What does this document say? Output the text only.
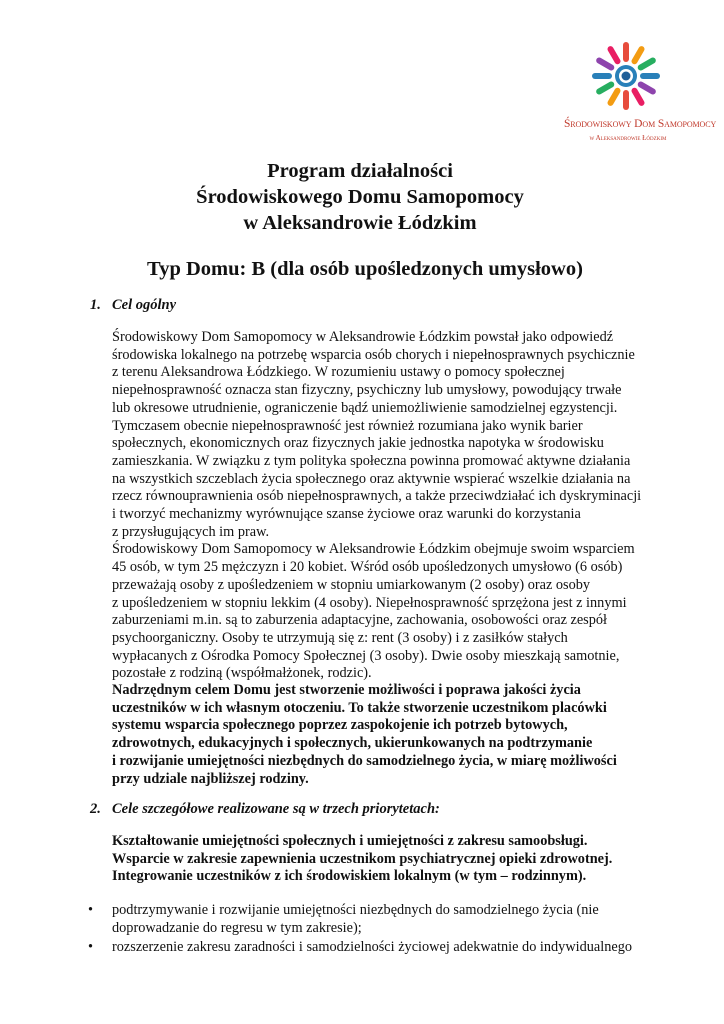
Środowiskowy Dom Samopomocy
w Aleksandrowie Łódzkim
Program działalności
Środowiskowego Domu Samopomocy
w Aleksandrowie Łódzkim
Typ Domu: B (dla osób upośledzonych umysłowo)
1. Cel ogólny
Środowiskowy Dom Samopomocy w Aleksandrowie Łódzkim powstał jako odpowiedź
środowiska lokalnego na potrzebę wsparcia osób chorych i niepełnosprawnych psychicznie
z terenu Aleksandrowa Łódzkiego. W rozumieniu ustawy o pomocy społecznej
niepełnosprawność oznacza stan fizyczny, psychiczny lub umysłowy, powodujący trwałe
lub okresowe utrudnienie, ograniczenie bądź uniemożliwienie samodzielnej egzystencji.
Tymczasem obecnie niepełnosprawność jest również rozumiana jako wynik barier
społecznych, ekonomicznych oraz fizycznych jakie jednostka napotyka w środowisku
zamieszkania. W związku z tym polityka społeczna powinna promować aktywne działania
na wszystkich szczeblach życia społecznego oraz aktywnie wspierać wszelkie działania na
rzecz równouprawnienia osób niepełnosprawnych, a także przeciwdziałać ich dyskryminacji
i tworzyć mechanizmy wyrównujące szanse życiowe oraz warunki do korzystania
z przysługujących im praw.
Środowiskowy Dom Samopomocy w Aleksandrowie Łódzkim obejmuje swoim wsparciem
45 osób, w tym 25 mężczyzn i 20 kobiet. Wśród osób upośledzonych umysłowo (6 osób)
przeważają osoby z upośledzeniem w stopniu umiarkowanym (2 osoby) oraz osoby
z upośledzeniem w stopniu lekkim (4 osoby). Niepełnosprawność sprzężona jest z innymi
zaburzeniami m.in. są to zaburzenia adaptacyjne, zachowania, osobowości oraz zespół
psychoorganiczny. Osoby te utrzymują się z: rent (3 osoby) i z zasiłków stałych
wypłacanych z Ośrodka Pomocy Społecznej (3 osoby). Dwie osoby mieszkają samotnie,
pozostałe z rodziną (współmałżonek, rodzic).
Nadrzędnym celem Domu jest stworzenie możliwości i poprawa jakości życia
uczestników w ich własnym otoczeniu. To także stworzenie uczestnikom placówki
systemu wsparcia społecznego poprzez zaspokojenie ich potrzeb bytowych,
zdrowotnych, edukacyjnych i społecznych, ukierunkowanych na podtrzymanie
i rozwijanie umiejętności niezbędnych do samodzielnego życia, w miarę możliwości
przy udziale najbliższej rodziny.
2. Cele szczegółowe realizowane są w trzech priorytetach:
Kształtowanie umiejętności społecznych i umiejętności z zakresu samoobsługi.
Wsparcie w zakresie zapewnienia uczestnikom psychiatrycznej opieki zdrowotnej.
Integrowanie uczestników z ich środowiskiem lokalnym (w tym – rodzinnym).
• podtrzymywanie i rozwijanie umiejętności niezbędnych do samodzielnego życia (nie
doprowadzanie do regresu w tym zakresie);
• rozszerzenie zakresu zaradności i samodzielności życiowej adekwatnie do indywidualnego
